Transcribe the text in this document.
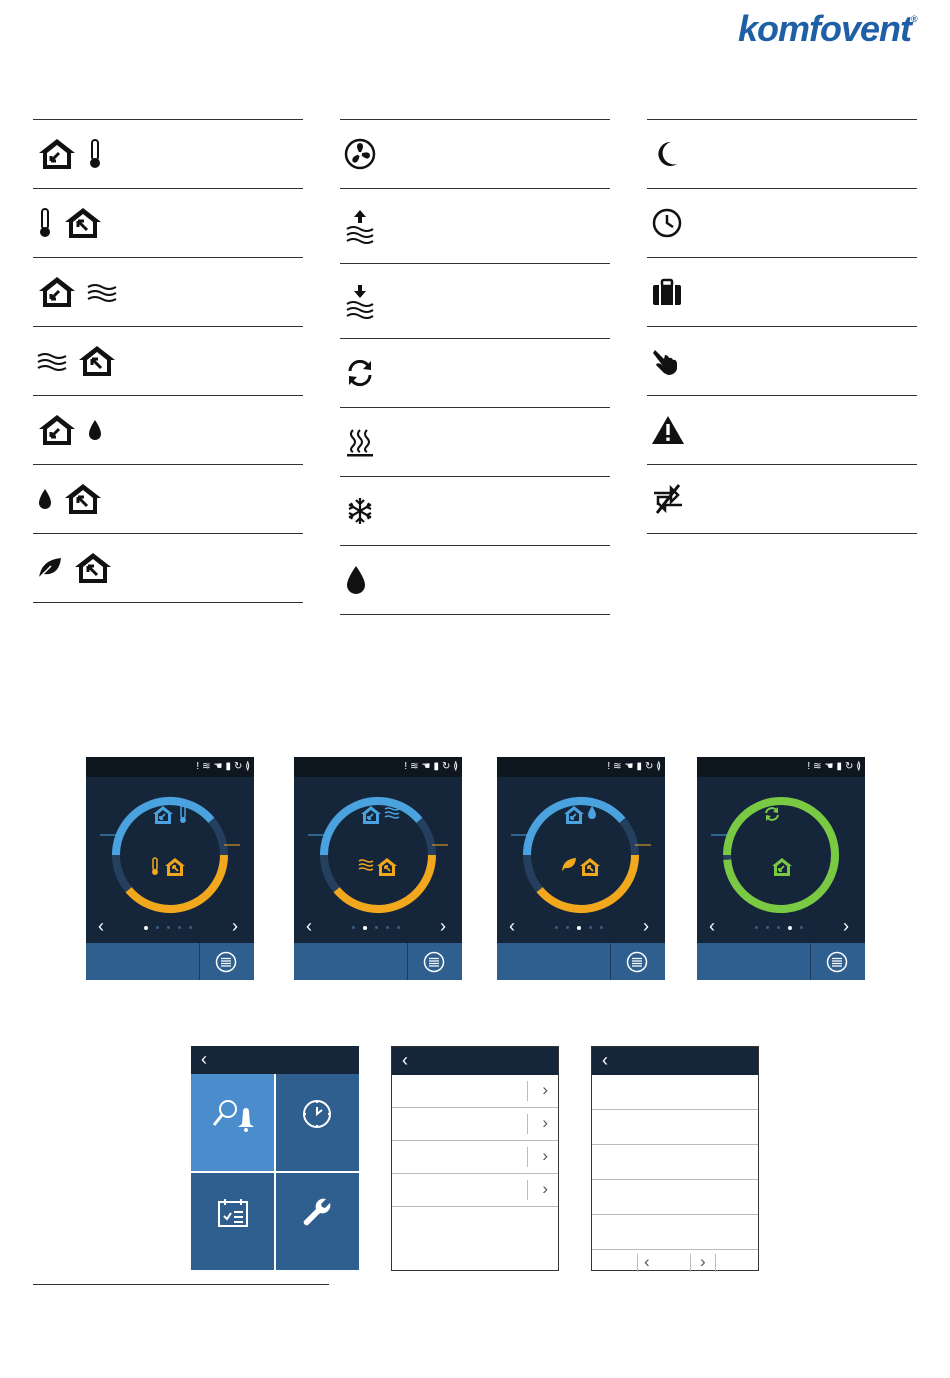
komfovent®
! ≋ ☚ ▮ ↻ ≬
‹	›
! ≋ ☚ ▮ ↻ ≬
‹	›
! ≋ ☚ ▮ ↻ ≬
‹	›
! ≋ ☚ ▮ ↻ ≬
‹	›
‹	‹
›
›
›
›
‹
‹	›
